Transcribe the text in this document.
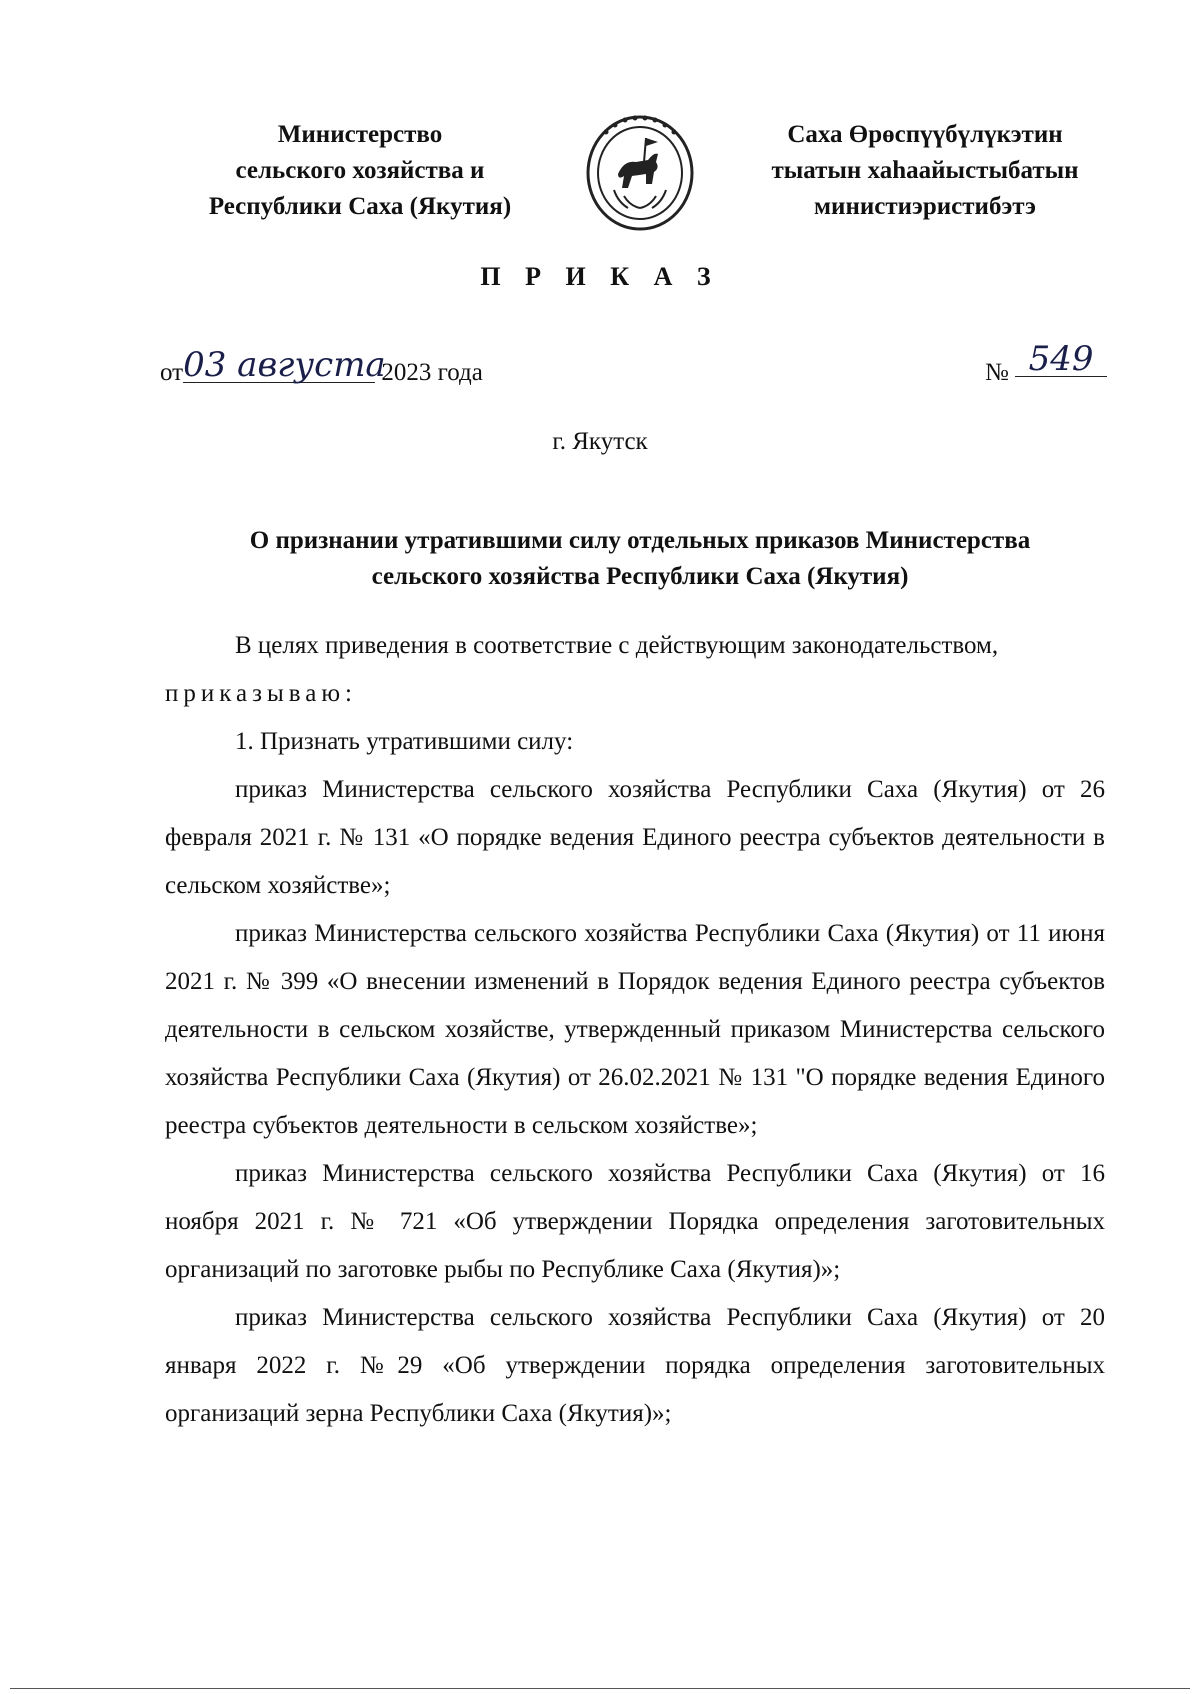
Министерство
сельского хозяйства и
Республики Саха (Якутия)
Саха Өрөспүүбүлүкэтин
тыатын хаһаайыстыбатын
министиэристибэтэ
П Р И К А З
от03 августа 2023 года	№ 549
г. Якутск
О признании утратившими силу отдельных приказов Министерства
сельского хозяйства Республики Саха (Якутия)

В целях приведения в соответствие с действующим законодательством,

приказываю:

1. Признать утратившими силу:

приказ Министерства сельского хозяйства Республики Саха (Якутия) от 26 февраля 2021 г. № 131 «О порядке ведения Единого реестра субъектов деятельности в сельском хозяйстве»;

приказ Министерства сельского хозяйства Республики Саха (Якутия) от 11 июня 2021 г. № 399 «О внесении изменений в Порядок ведения Единого реестра субъектов деятельности в сельском хозяйстве, утвержденный приказом Министерства сельского хозяйства Республики Саха (Якутия) от 26.02.2021 № 131 "О порядке ведения Единого реестра субъектов деятельности в сельском хозяйстве»;

приказ Министерства сельского хозяйства Республики Саха (Якутия) от 16 ноября 2021 г. № 721 «Об утверждении Порядка определения заготовительных организаций по заготовке рыбы по Республике Саха (Якутия)»;

приказ Министерства сельского хозяйства Республики Саха (Якутия) от 20 января 2022 г. №29 «Об утверждении порядка определения заготовительных организаций зерна Республики Саха (Якутия)»;
